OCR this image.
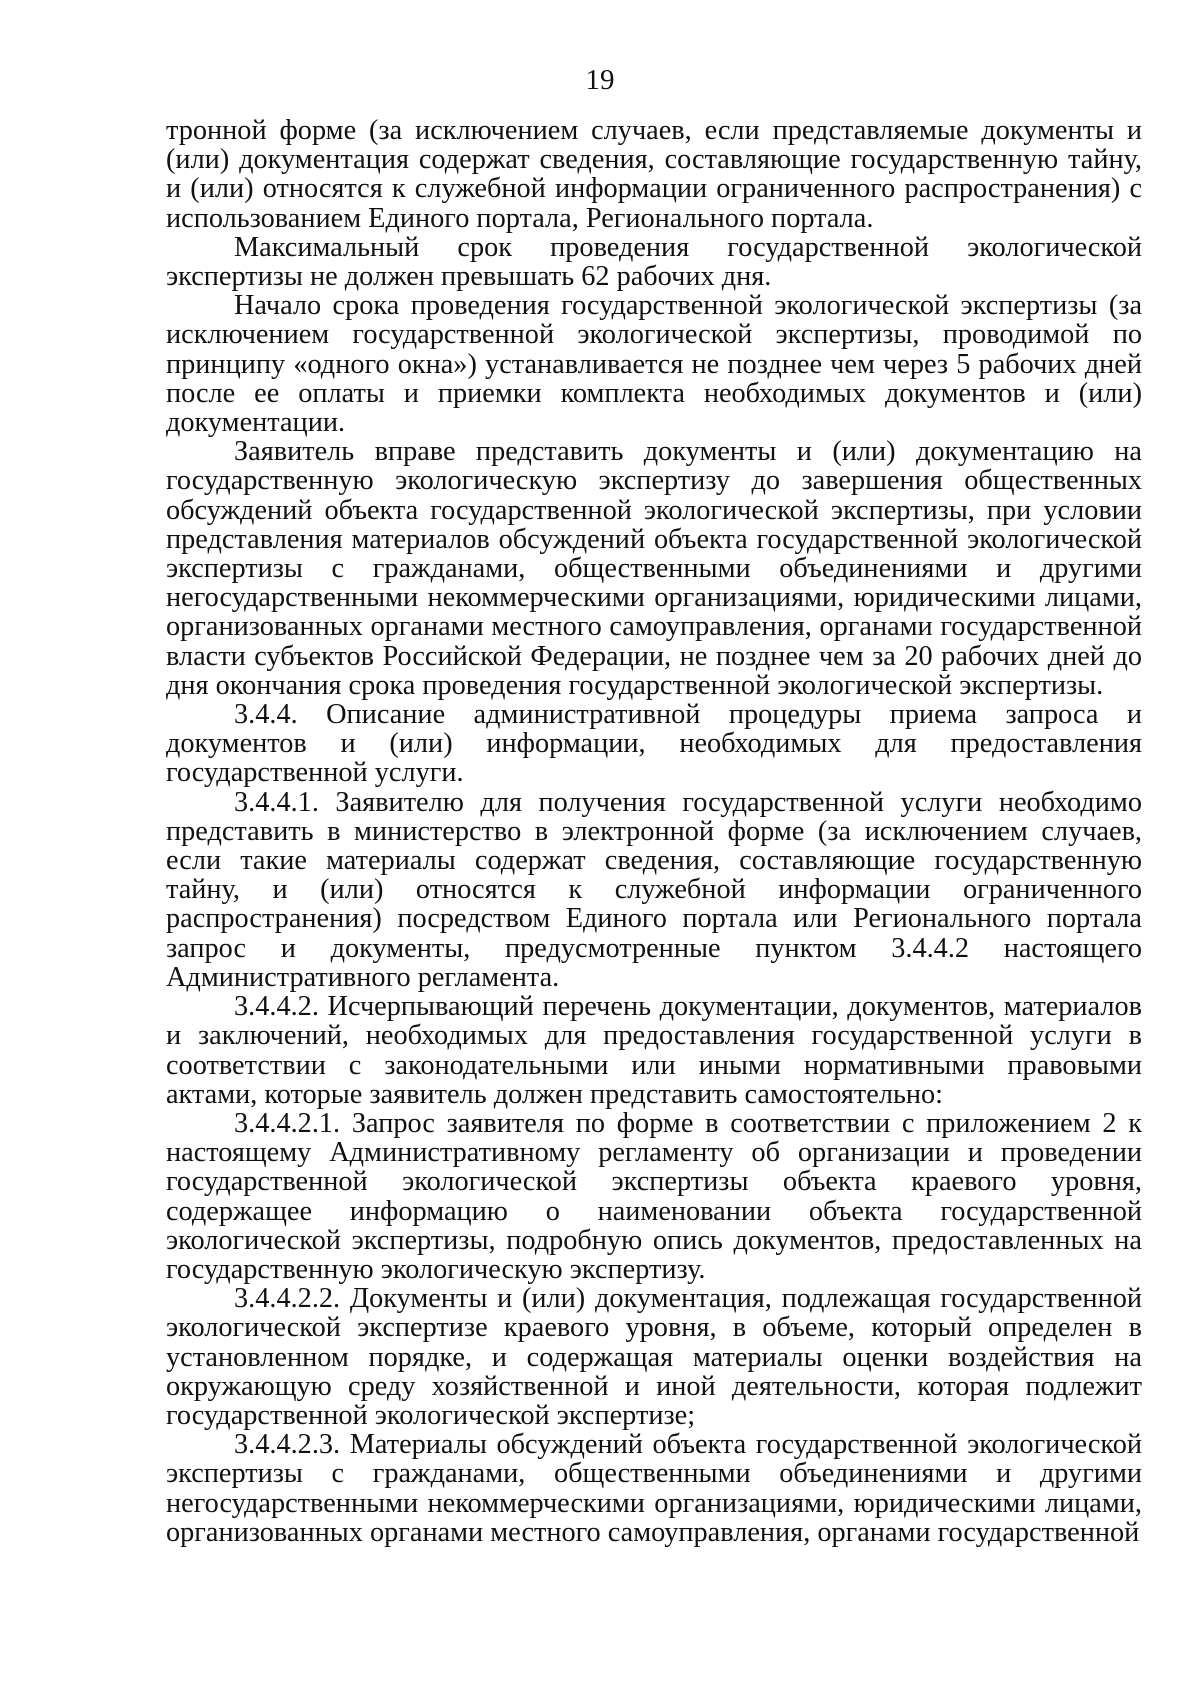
19

тронной форме (за исключением случаев, если представляемые документы и (или) документация содержат сведения, составляющие государственную тайну, и (или) относятся к служебной информации ограниченного распространения) с использованием Единого портала, Регионального портала.

Максимальный срок проведения государственной экологической экспертизы не должен превышать 62 рабочих дня.

Начало срока проведения государственной экологической экспертизы (за исключением государственной экологической экспертизы, проводимой по принципу «одного окна») устанавливается не позднее чем через 5 рабочих дней после ее оплаты и приемки комплекта необходимых документов и (или) документации.

Заявитель вправе представить документы и (или) документацию на государственную экологическую экспертизу до завершения общественных обсуждений объекта государственной экологической экспертизы, при условии представления материалов обсуждений объекта государственной экологической экспертизы с гражданами, общественными объединениями и другими негосударственными некоммерческими организациями, юридическими лицами, организованных органами местного самоуправления, органами государственной власти субъектов Российской Федерации, не позднее чем за 20 рабочих дней до дня окончания срока проведения государственной экологической экспертизы.

3.4.4. Описание административной процедуры приема запроса и документов и (или) информации, необходимых для предоставления государственной услуги.

3.4.4.1. Заявителю для получения государственной услуги необходимо представить в министерство в электронной форме (за исключением случаев, если такие материалы содержат сведения, составляющие государственную тайну, и (или) относятся к служебной информации ограниченного распространения) посредством Единого портала или Регионального портала запрос и документы, предусмотренные пунктом 3.4.4.2 настоящего Административного регламента.

3.4.4.2. Исчерпывающий перечень документации, документов, материалов и заключений, необходимых для предоставления государственной услуги в соответствии с законодательными или иными нормативными правовыми актами, которые заявитель должен представить самостоятельно:

3.4.4.2.1. Запрос заявителя по форме в соответствии с приложением 2 к настоящему Административному регламенту об организации и проведении государственной экологической экспертизы объекта краевого уровня, содержащее информацию о наименовании объекта государственной экологической экспертизы, подробную опись документов, предоставленных на государственную экологическую экспертизу.

3.4.4.2.2. Документы и (или) документация, подлежащая государственной экологической экспертизе краевого уровня, в объеме, который определен в установленном порядке, и содержащая материалы оценки воздействия на окружающую среду хозяйственной и иной деятельности, которая подлежит государственной экологической экспертизе;

3.4.4.2.3. Материалы обсуждений объекта государственной экологической экспертизы с гражданами, общественными объединениями и другими негосударственными некоммерческими организациями, юридическими лицами, организованных органами местного самоуправления, органами государственной
